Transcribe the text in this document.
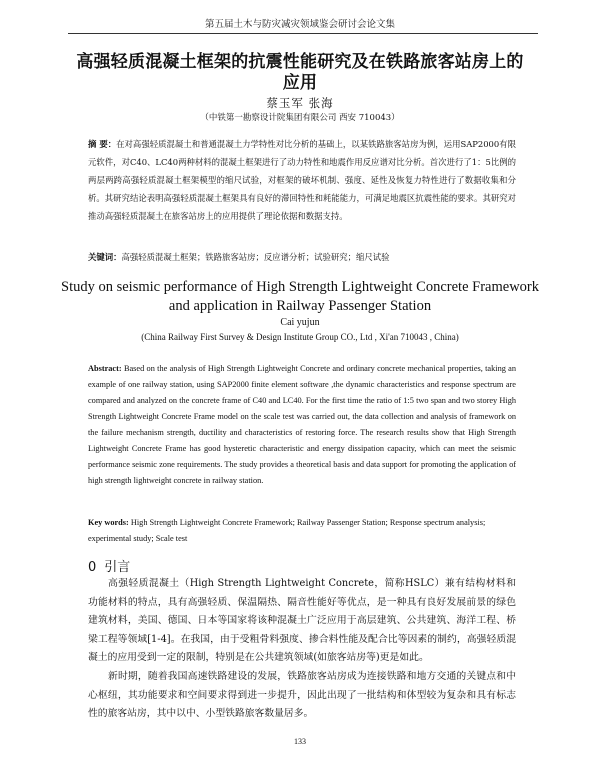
第五届土木与防灾减灾领域鉴会研讨会论文集
高强轻质混凝土框架的抗震性能研究及在铁路旅客站房上的应用
蔡玉军 张海
（中铁第一勘察设计院集团有限公司 西安 710043）
摘 要：在对高强轻质混凝土和普通混凝土力学特性对比分析的基础上，以某铁路旅客站房为例，运用SAP2000有限元软件，对C40、LC40两种材料的混凝土框架进行了动力特性和地震作用反应谱对比分析。首次进行了1：5比例的两层两跨高强轻质混凝土框架模型的缩尺试验，对框架的破坏机制、强度、延性及恢复力特性进行了数据收集和分析。其研究结论表明高强轻质混凝土框架具有良好的滞回特性和耗能能力，可满足地震区抗震性能的要求。其研究对推动高强轻质混凝土在旅客站房上的应用提供了理论依据和数据支持。
关键词：高强轻质混凝土框架；铁路旅客站房；反应谱分析；试验研究；缩尺试验
Study on seismic performance of High Strength Lightweight Concrete Framework and application in Railway Passenger Station
Cai yujun
(China Railway First Survey & Design Institute Group CO., Ltd , Xi'an 710043 , China)
Abstract: Based on the analysis of High Strength Lightweight Concrete and ordinary concrete mechanical properties, taking an example of one railway station, using SAP2000 finite element software ,the dynamic characteristics and response spectrum are compared and analyzed on the concrete frame of C40 and LC40. For the first time the ratio of 1:5 two span and two storey High Strength Lightweight Concrete Frame model on the scale test was carried out, the data collection and analysis of framework on the failure mechanism strength, ductility and characteristics of restoring force. The research results show that High Strength Lightweight Concrete Frame has good hysteretic characteristic and energy dissipation capacity, which can meet the seismic performance seismic zone requirements. The study provides a theoretical basis and data support for promoting the application of high strength lightweight concrete in railway station.
Key words: High Strength Lightweight Concrete Framework; Railway Passenger Station; Response spectrum analysis; experimental study; Scale test
0 引言
高强轻质混凝土（High Strength Lightweight Concrete，简称HSLC）兼有结构材料和功能材料的特点，具有高强轻质、保温隔热、隔音性能好等优点，是一种具有良好发展前景的绿色建筑材料，美国、德国、日本等国家将该种混凝土广泛应用于高层建筑、公共建筑、海洋工程、桥梁工程等领域[1-4]。在我国，由于受粗骨料强度、掺合料性能及配合比等因素的制约，高强轻质混凝土的应用受到一定的限制，特别是在公共建筑领域(如旅客站房等)更是如此。
新时期，随着我国高速铁路建设的发展，铁路旅客站房成为连接铁路和地方交通的关键点和中心枢纽，其功能要求和空间要求得到进一步提升，因此出现了一批结构和体型较为复杂和具有标志性的旅客站房，其中以中、小型铁路旅客数量居多。
133
